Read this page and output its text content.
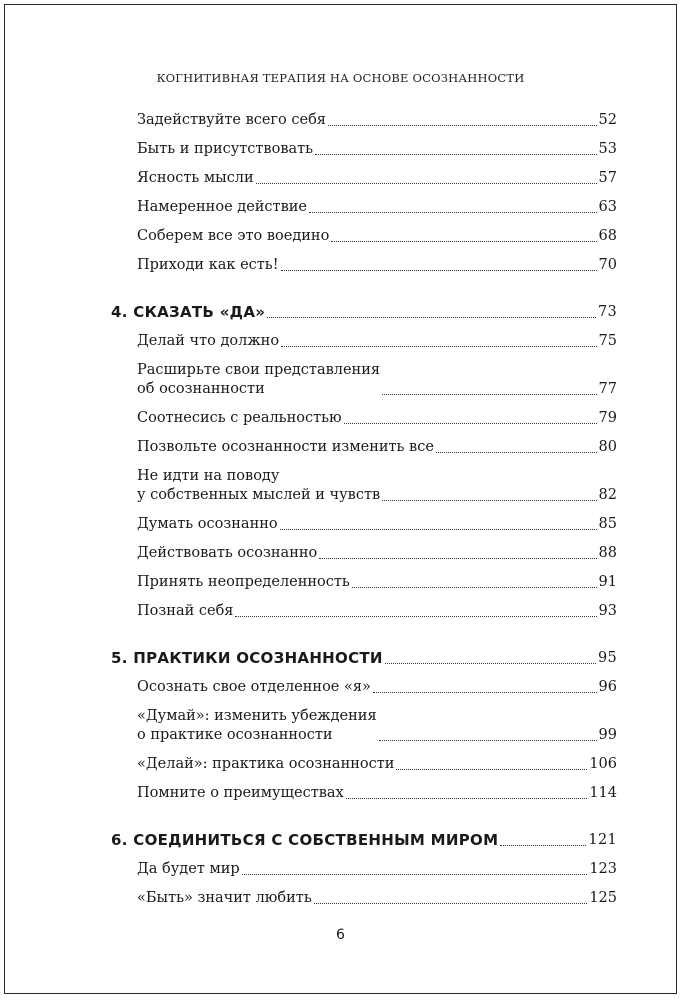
КОГНИТИВНАЯ ТЕРАПИЯ НА ОСНОВЕ ОСОЗНАННОСТИ
Задействуйте всего себя	52
Быть и присутствовать	53
Ясность мысли	57
Намеренное действие	63
Соберем все это воедино	68
Приходи как есть!	70
4. СКАЗАТЬ «ДА»	73
Делай что должно	75
Расширьте свои представления
об осознанности	77
Соотнесись с реальностью	79
Позвольте осознанности изменить все	80
Не идти на поводу
у собственных мыслей и чувств	82
Думать осознанно	85
Действовать осознанно	88
Принять неопределенность	91
Познай себя	93
5. ПРАКТИКИ ОСОЗНАННОСТИ	95
Осознать свое отделенное «я»	96
«Думай»: изменить убеждения
о практике осознанности	99
«Делай»: практика осознанности	106
Помните о преимуществах	114
6. СОЕДИНИТЬСЯ С СОБСТВЕННЫМ МИРОМ	121
Да будет мир	123
«Быть» значит любить	125
6
